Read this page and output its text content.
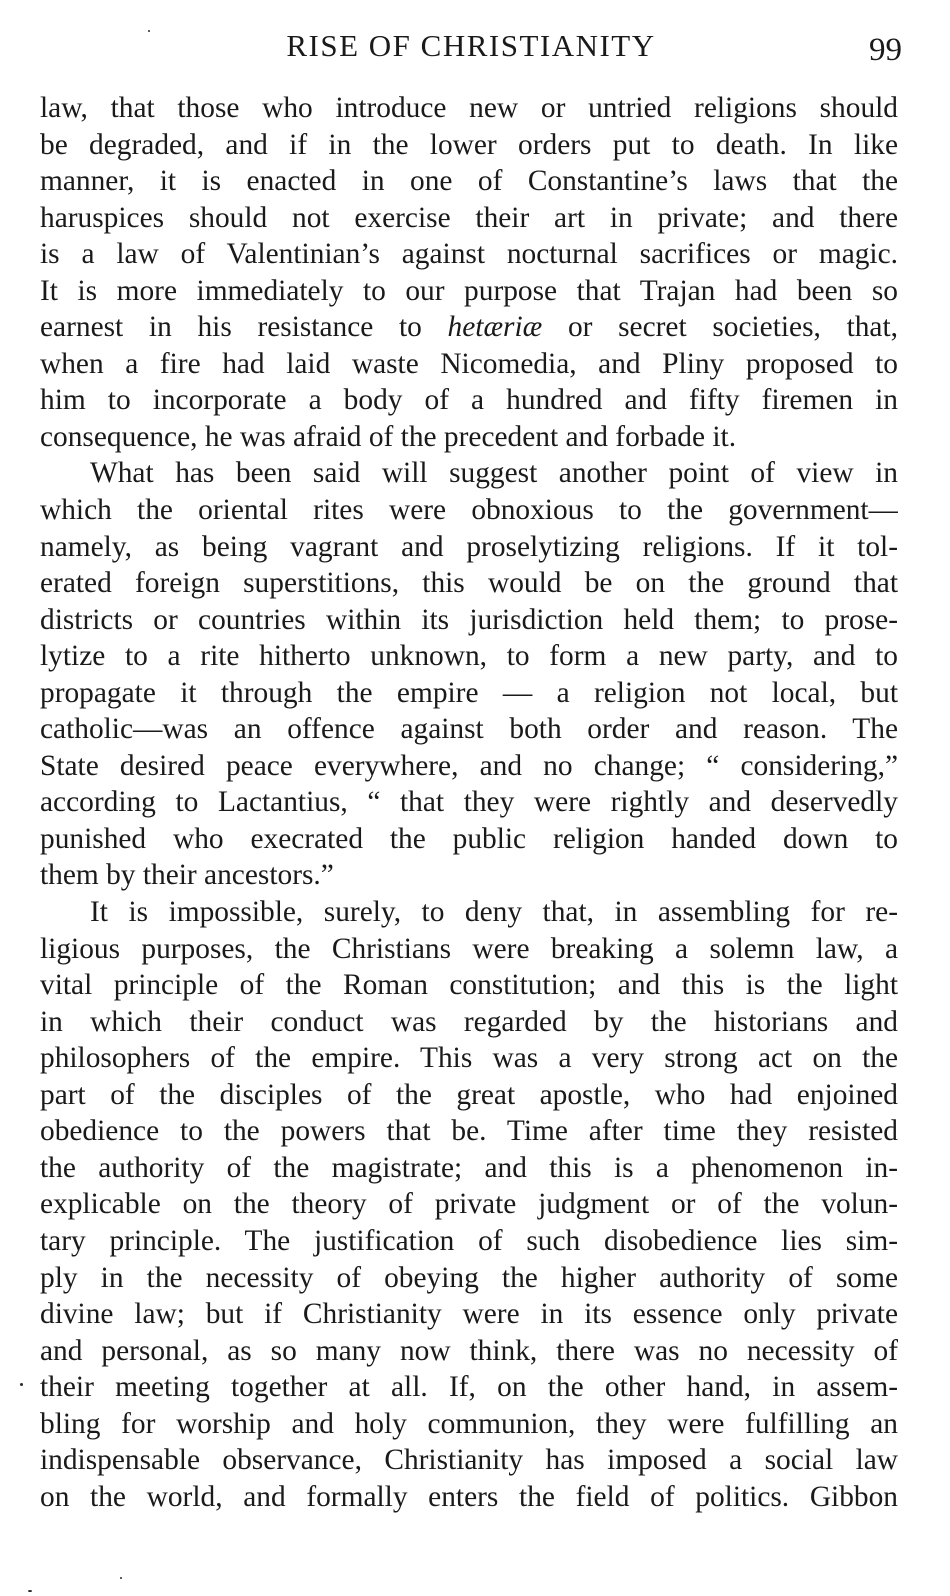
RISE OF CHRISTIANITY	99
law, that those who introduce new or untried religions should
be degraded, and if in the lower orders put to death. In like
manner, it is enacted in one of Constantine’s laws that the
haruspices should not exercise their art in private; and there
is a law of Valentinian’s against nocturnal sacrifices or magic.
It is more immediately to our purpose that Trajan had been so
earnest in his resistance to hetæriæ or secret societies, that,
when a fire had laid waste Nicomedia, and Pliny proposed to
him to incorporate a body of a hundred and fifty firemen in
consequence, he was afraid of the precedent and forbade it.
What has been said will suggest another point of view in
which the oriental rites were obnoxious to the government—
namely, as being vagrant and proselytizing religions. If it tol-
erated foreign superstitions, this would be on the ground that
districts or countries within its jurisdiction held them; to prose-
lytize to a rite hitherto unknown, to form a new party, and to
propagate it through the empire — a religion not local, but
catholic—was an offence against both order and reason. The
State desired peace everywhere, and no change; “ considering,”
according to Lactantius, “ that they were rightly and deservedly
punished who execrated the public religion handed down to
them by their ancestors.”
It is impossible, surely, to deny that, in assembling for re-
ligious purposes, the Christians were breaking a solemn law, a
vital principle of the Roman constitution; and this is the light
in which their conduct was regarded by the historians and
philosophers of the empire. This was a very strong act on the
part of the disciples of the great apostle, who had enjoined
obedience to the powers that be. Time after time they resisted
the authority of the magistrate; and this is a phenomenon in-
explicable on the theory of private judgment or of the volun-
tary principle. The justification of such disobedience lies sim-
ply in the necessity of obeying the higher authority of some
divine law; but if Christianity were in its essence only private
and personal, as so many now think, there was no necessity of
their meeting together at all. If, on the other hand, in assem-
bling for worship and holy communion, they were fulfilling an
indispensable observance, Christianity has imposed a social law
on the world, and formally enters the field of politics. Gibbon
